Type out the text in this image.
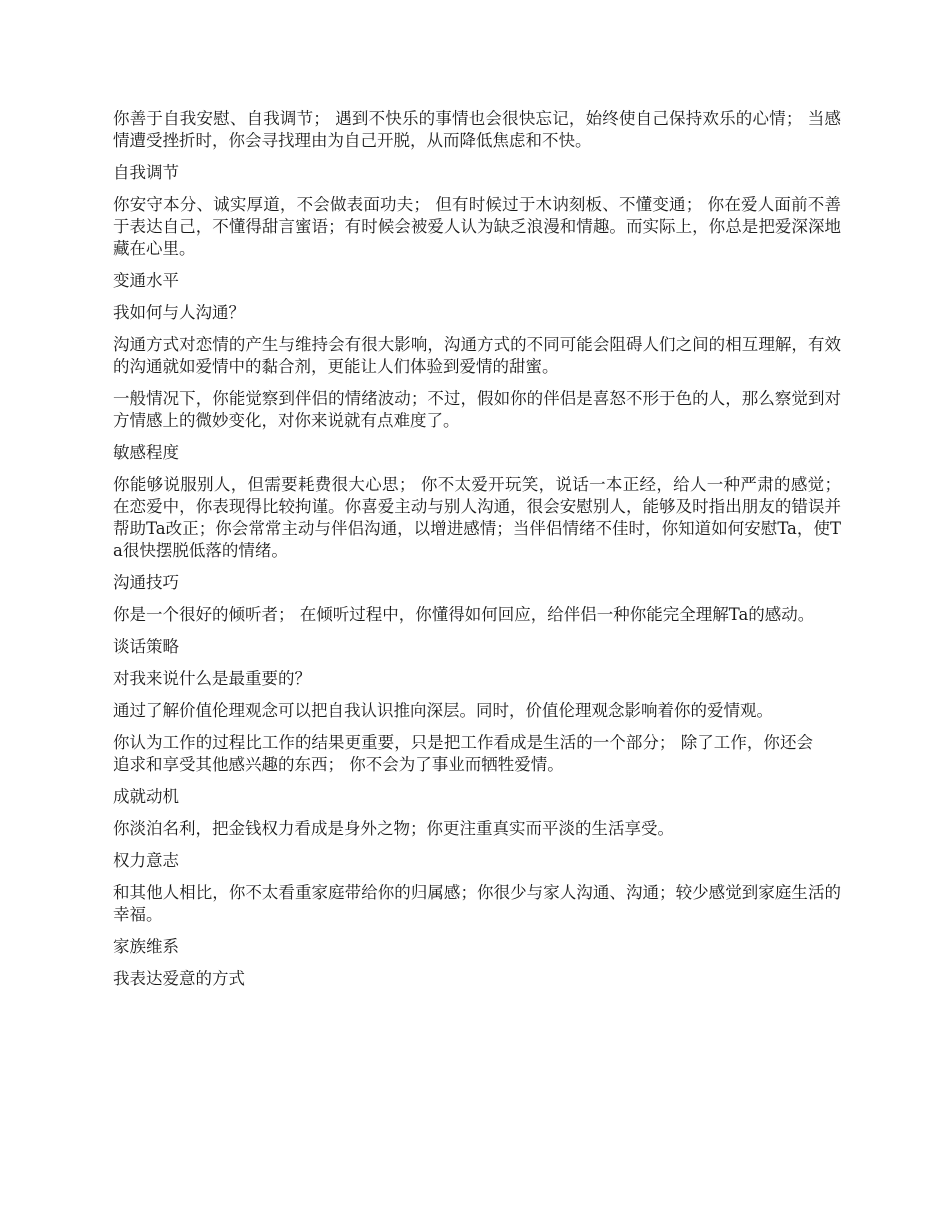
你善于自我安慰、自我调节； 遇到不快乐的事情也会很快忘记，始终使自己保持欢乐的心情； 当感情遭受挫折时，你会寻找理由为自己开脱，从而降低焦虑和不快。

自我调节

你安守本分、诚实厚道，不会做表面功夫； 但有时候过于木讷刻板、不懂变通； 你在爱人面前不善于表达自己，不懂得甜言蜜语；有时候会被爱人认为缺乏浪漫和情趣。而实际上，你总是把爱深深地藏在心里。

变通水平

我如何与人沟通？

沟通方式对恋情的产生与维持会有很大影响，沟通方式的不同可能会阻碍人们之间的相互理解，有效的沟通就如爱情中的黏合剂，更能让人们体验到爱情的甜蜜。

一般情况下，你能觉察到伴侣的情绪波动；不过，假如你的伴侣是喜怒不形于色的人，那么察觉到对方情感上的微妙变化，对你来说就有点难度了。

敏感程度

你能够说服别人，但需要耗费很大心思； 你不太爱开玩笑，说话一本正经，给人一种严肃的感觉； 在恋爱中，你表现得比较拘谨。你喜爱主动与别人沟通，很会安慰别人，能够及时指出朋友的错误并帮助Ta改正；你会常常主动与伴侣沟通，以增进感情；当伴侣情绪不佳时，你知道如何安慰Ta，使Ta很快摆脱低落的情绪。

沟通技巧

你是一个很好的倾听者； 在倾听过程中，你懂得如何回应，给伴侣一种你能完全理解Ta的感动。

谈话策略

对我来说什么是最重要的？

通过了解价值伦理观念可以把自我认识推向深层。同时，价值伦理观念影响着你的爱情观。

你认为工作的过程比工作的结果更重要，只是把工作看成是生活的一个部分； 除了工作，你还会追求和享受其他感兴趣的东西； 你不会为了事业而牺牲爱情。

成就动机

你淡泊名利，把金钱权力看成是身外之物；你更注重真实而平淡的生活享受。

权力意志

和其他人相比，你不太看重家庭带给你的归属感；你很少与家人沟通、沟通；较少感觉到家庭生活的幸福。

家族维系

我表达爱意的方式
